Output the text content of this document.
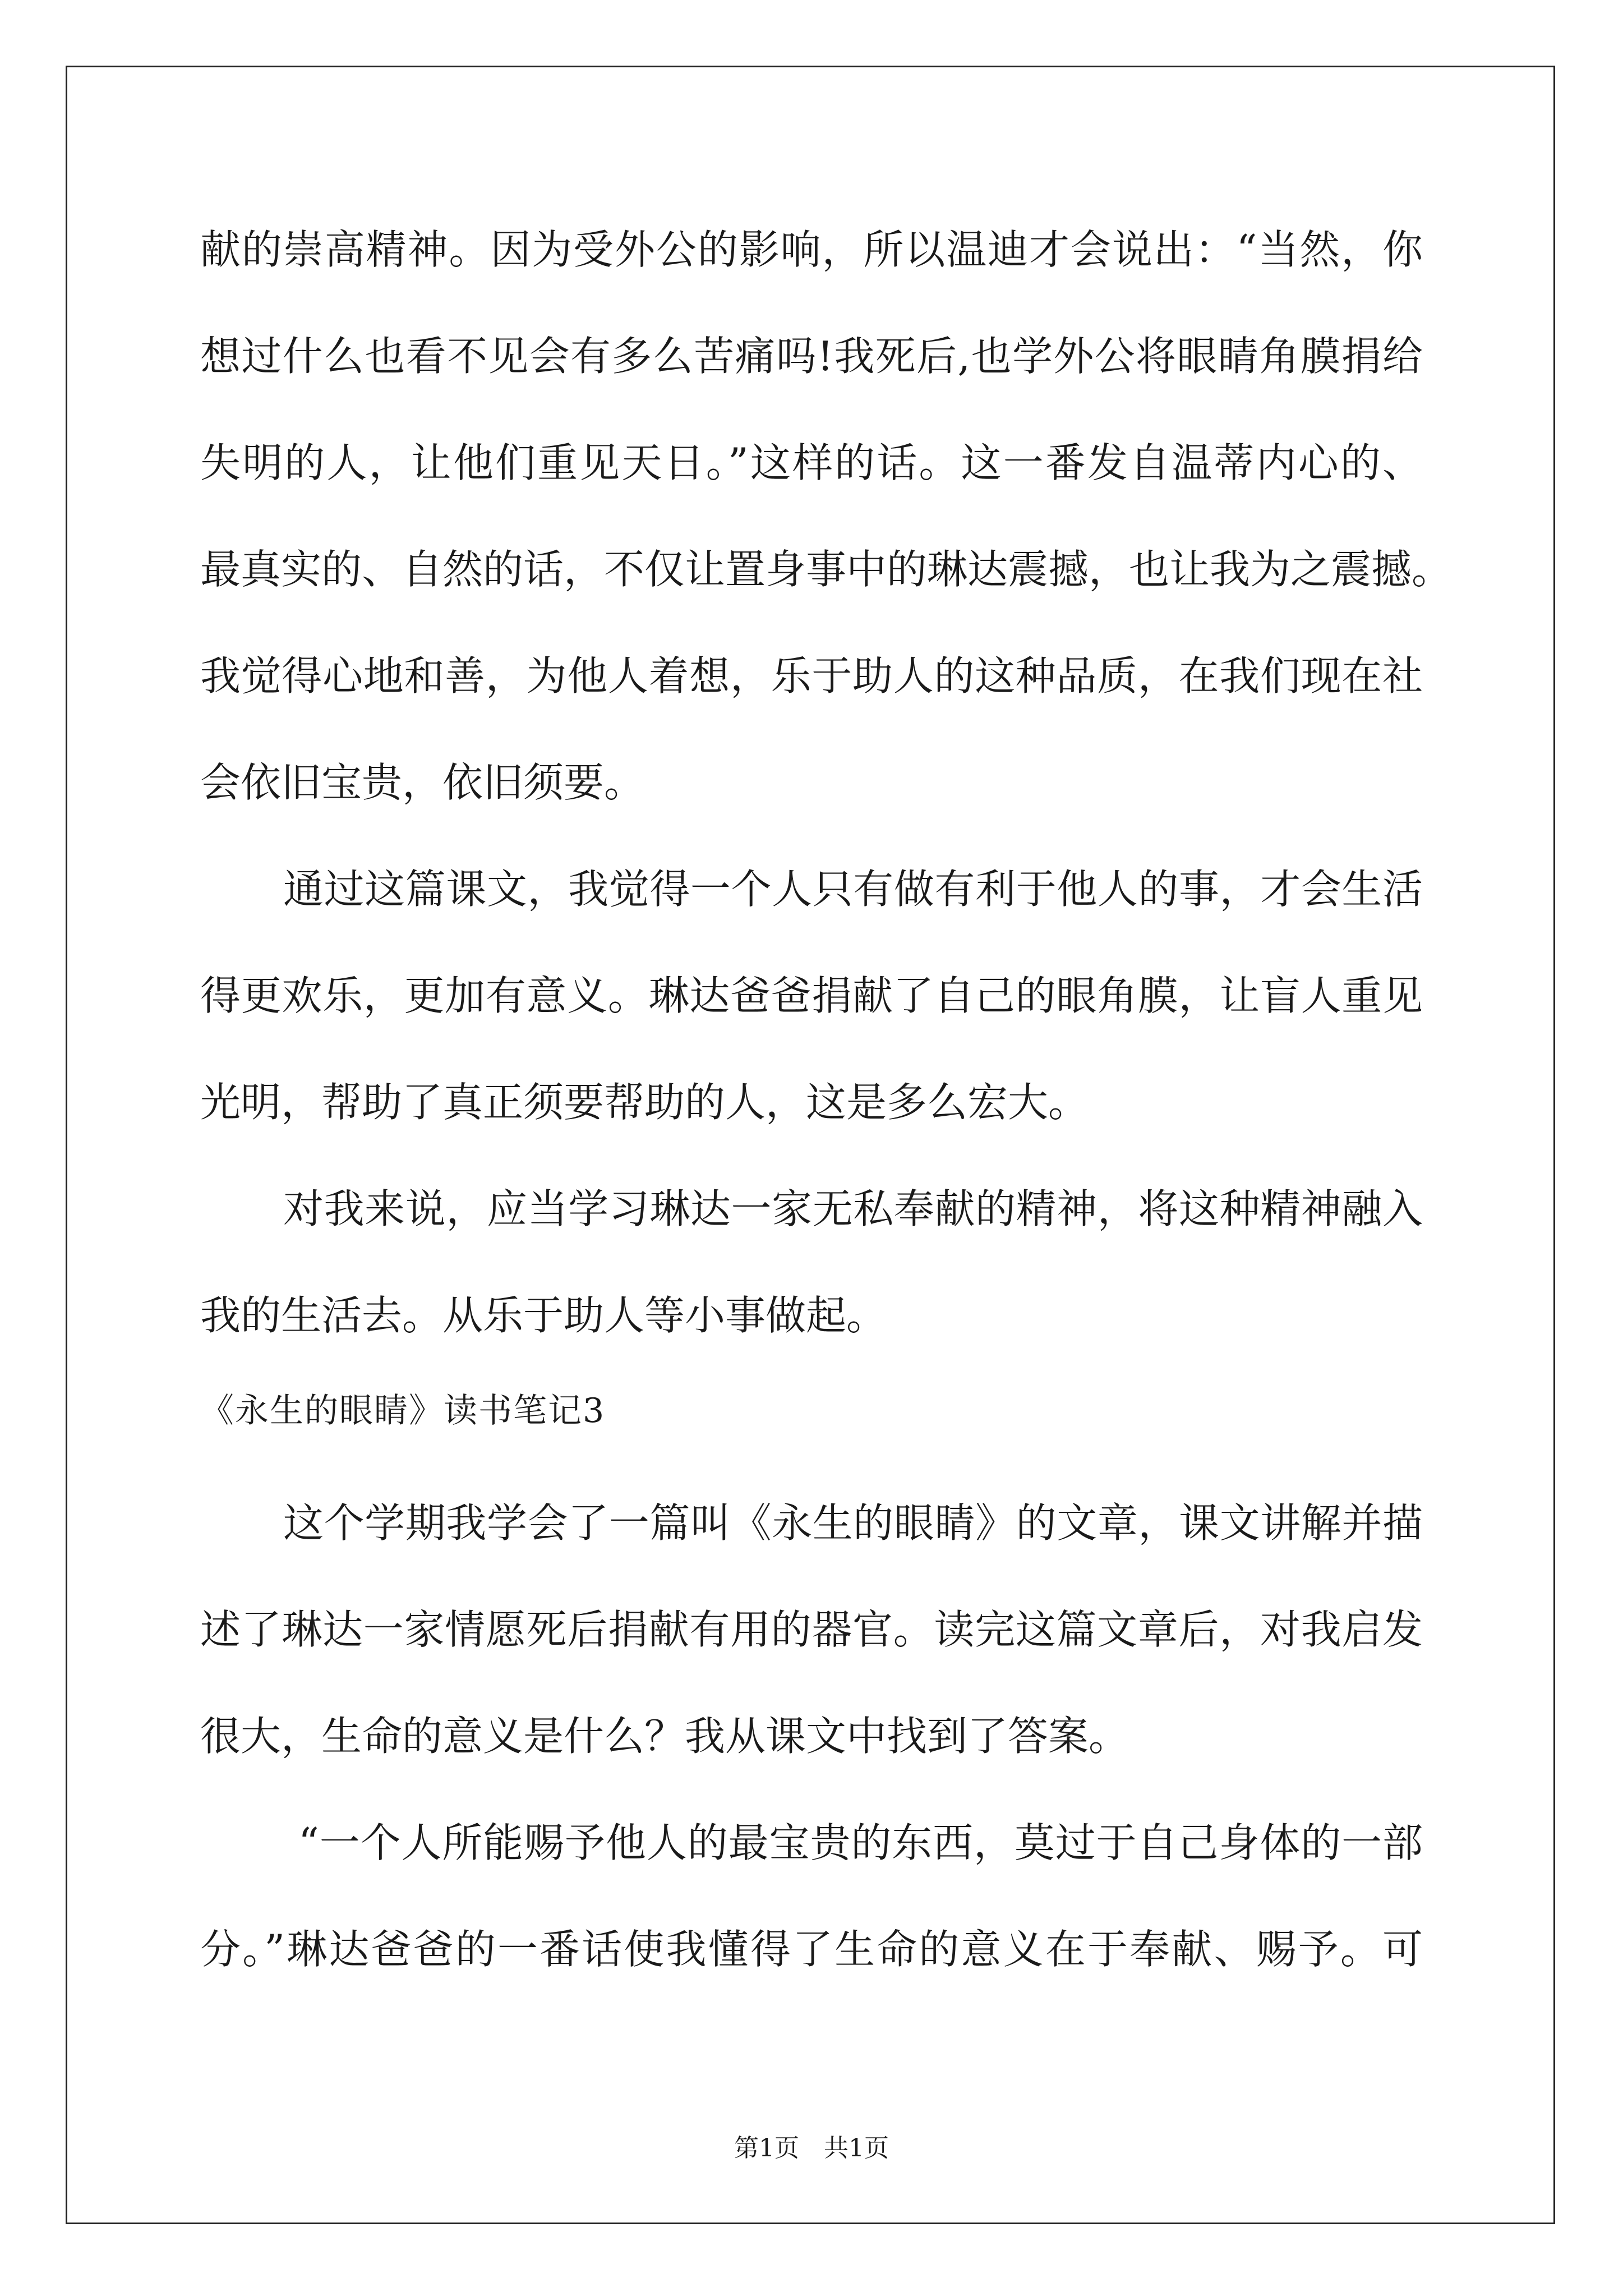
献的崇高精神。因为受外公的影响，所以温迪才会说出：“当然，你
想过什么也看不见会有多么苦痛吗!我死后,也学外公将眼睛角膜捐给
失明的人，让他们重见天日。”这样的话。这一番发自温蒂内心的、
最真实的、自然的话，不仅让置身事中的琳达震撼，也让我为之震撼。
我觉得心地和善，为他人着想，乐于助人的这种品质，在我们现在社
会依旧宝贵，依旧须要。
通过这篇课文，我觉得一个人只有做有利于他人的事，才会生活
得更欢乐，更加有意义。琳达爸爸捐献了自己的眼角膜，让盲人重见
光明，帮助了真正须要帮助的人，这是多么宏大。
对我来说，应当学习琳达一家无私奉献的精神，将这种精神融入
我的生活去。从乐于助人等小事做起。
《永生的眼睛》读书笔记3
这个学期我学会了一篇叫《永生的眼睛》的文章，课文讲解并描
述了琳达一家情愿死后捐献有用的器官。读完这篇文章后，对我启发
很大，生命的意义是什么？我从课文中找到了答案。
“一个人所能赐予他人的最宝贵的东西，莫过于自己身体的一部
分。”琳达爸爸的一番话使我懂得了生命的意义在于奉献、赐予。可
第1页　共1页
